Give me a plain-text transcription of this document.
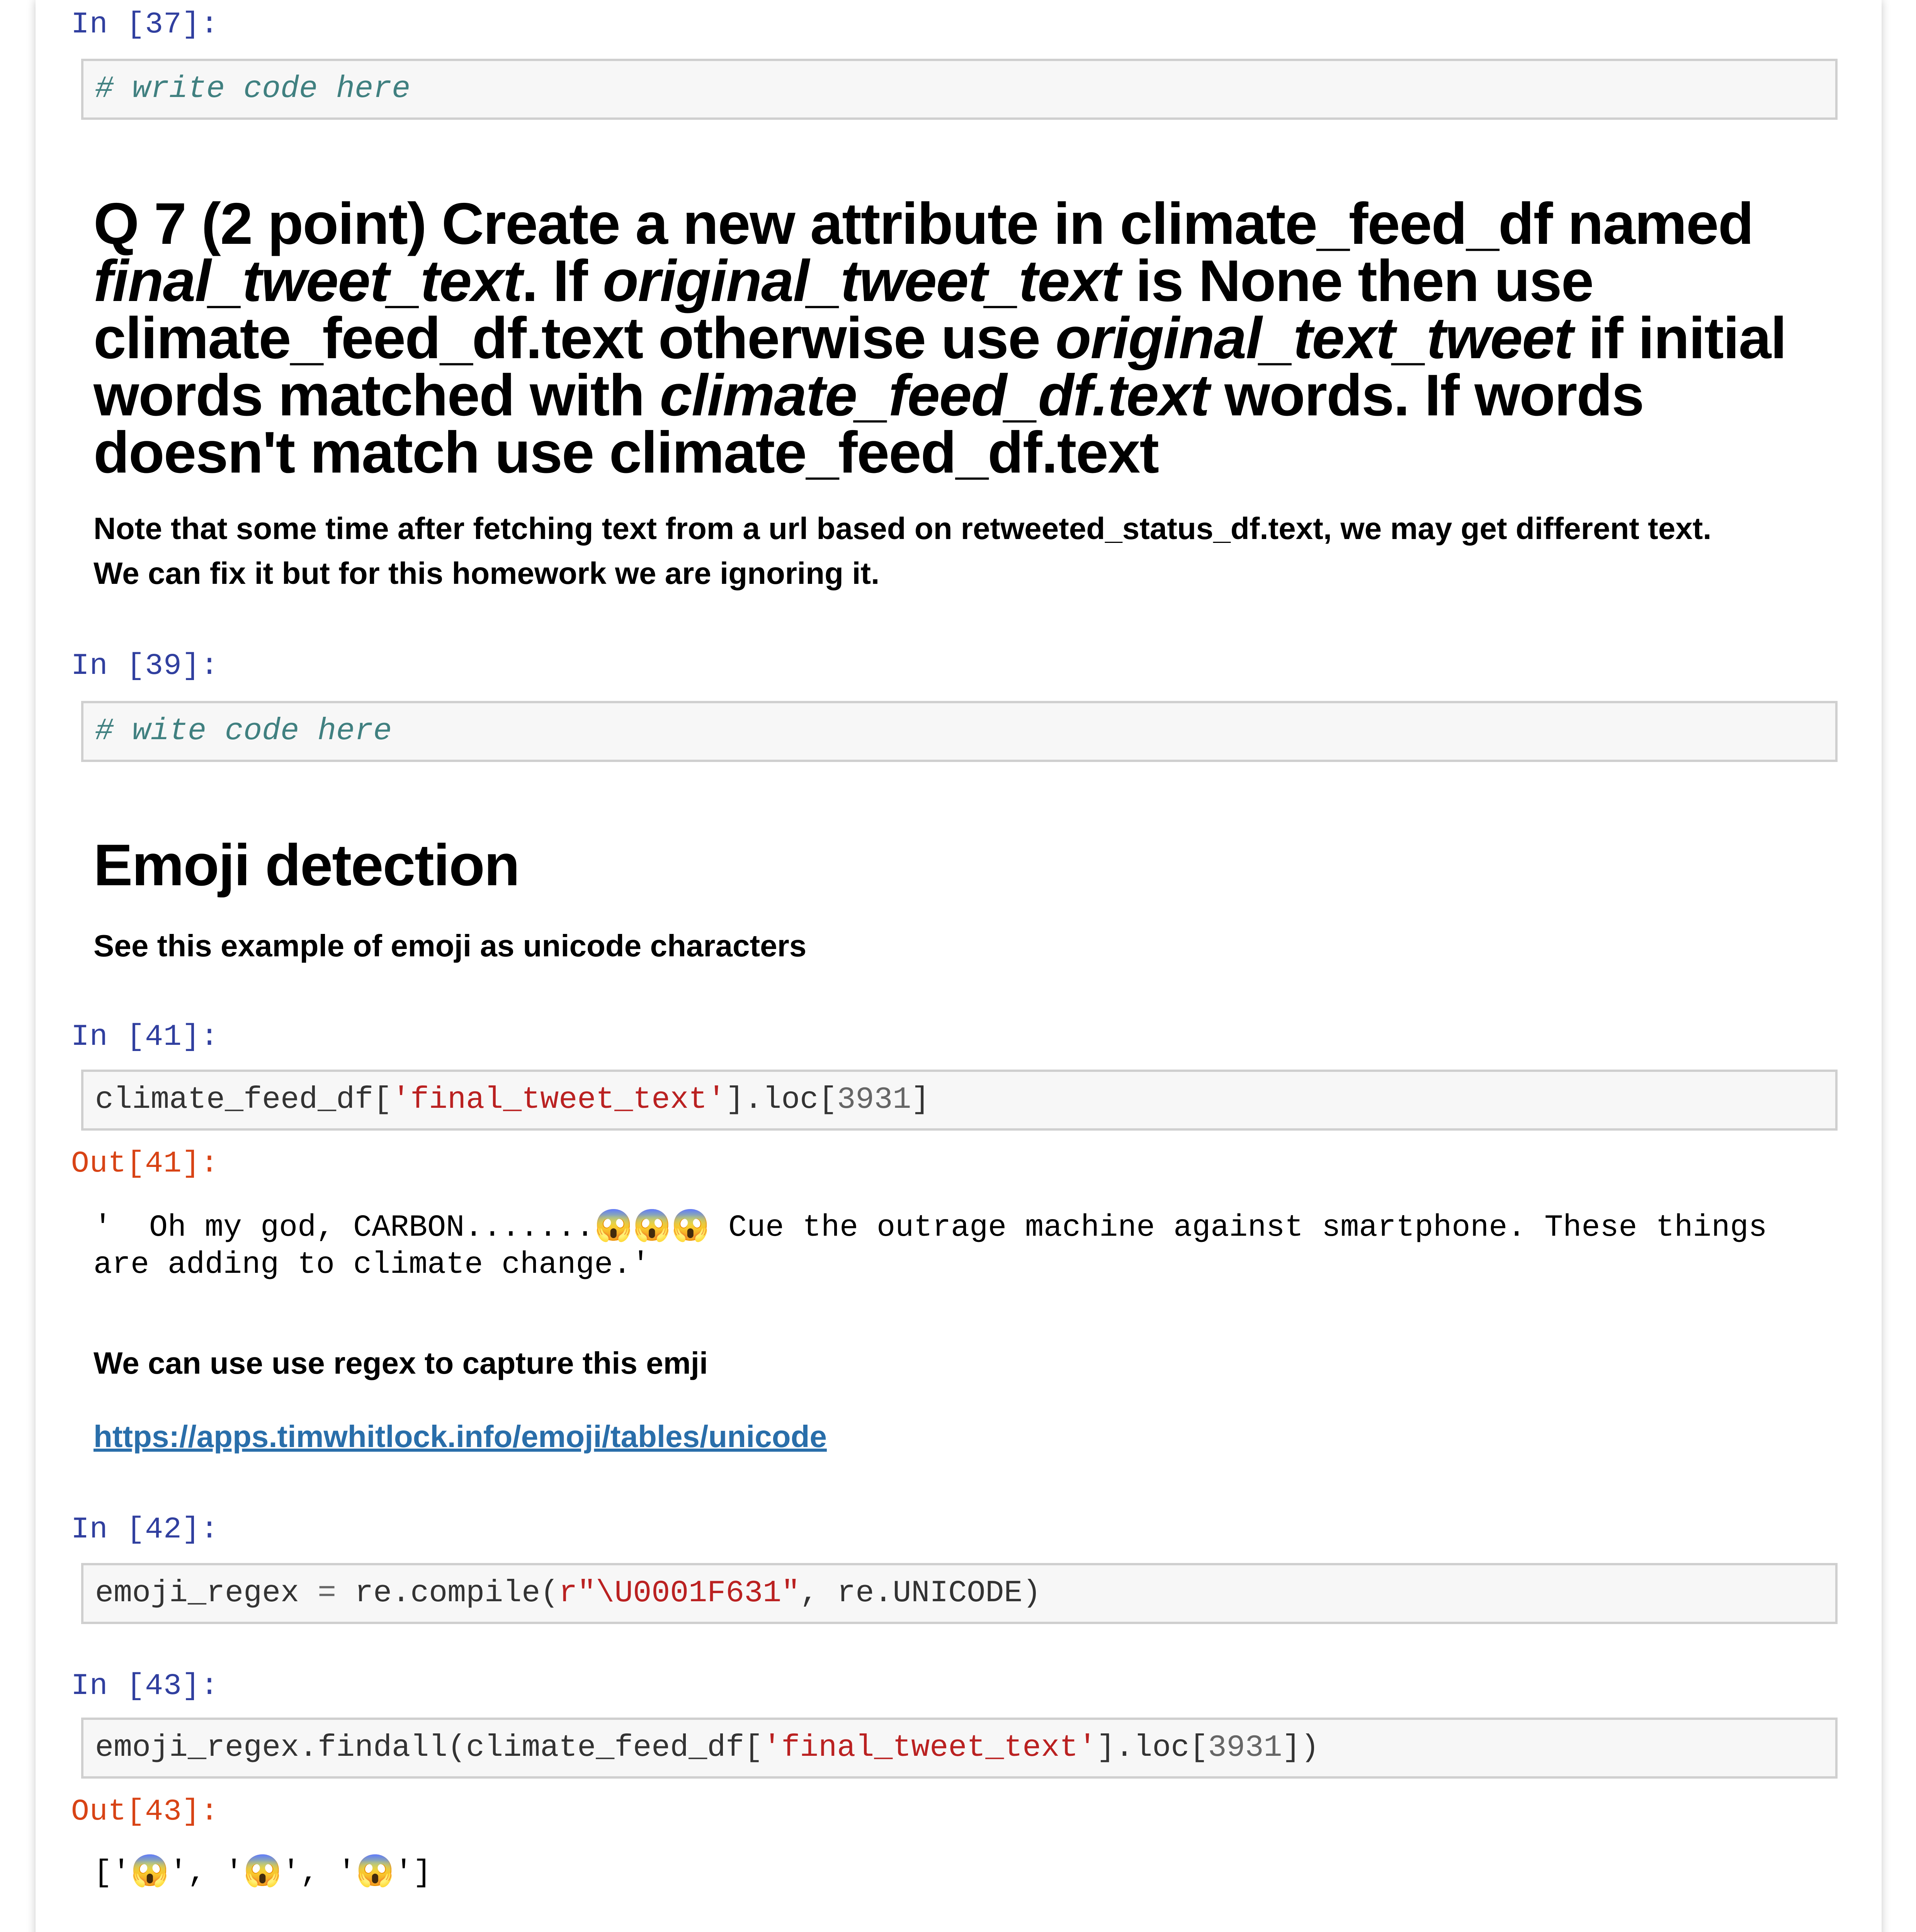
In [37]:
# write code here
Q 7 (2 point) Create a new attribute in climate_feed_df named
final_tweet_text. If original_tweet_text is None then use
climate_feed_df.text otherwise use original_text_tweet if initial
words matched with climate_feed_df.text words. If words
doesn't match use climate_feed_df.text
Note that some time after fetching text from a url based on retweeted_status_df.text, we may get different text.
We can fix it but for this homework we are ignoring it.
In [39]:
# wite code here
Emoji detection
See this example of emoji as unicode characters
In [41]:
climate_feed_df['final_tweet_text'].loc[3931]
Out[41]:
'  Oh my god, CARBON.......😱😱😱 Cue the outrage machine against smartphone. These things
are adding to climate change.'
We can use use regex to capture this emji
https://apps.timwhitlock.info/emoji/tables/unicode
In [42]:
emoji_regex = re.compile(r"\U0001F631", re.UNICODE)
In [43]:
emoji_regex.findall(climate_feed_df['final_tweet_text'].loc[3931])
Out[43]:
['😱', '😱', '😱']
